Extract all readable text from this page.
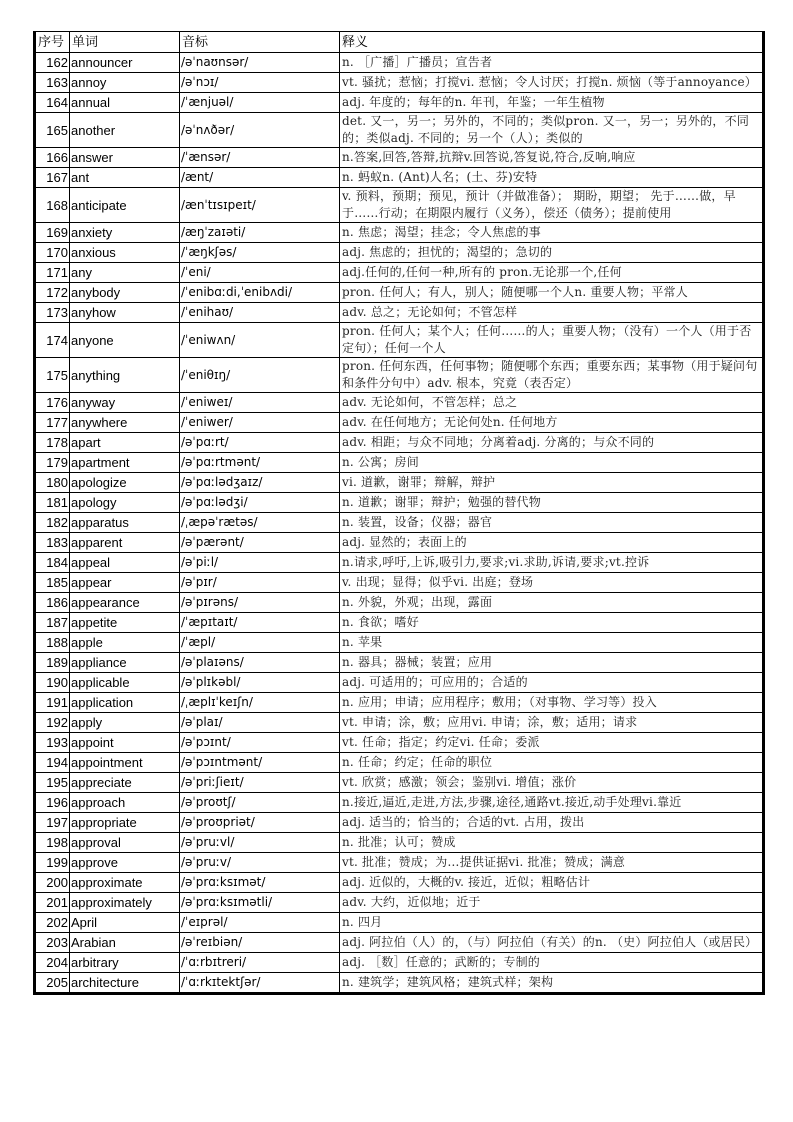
序号	单词	音标	释义
162	announcer	/əˈnaʊnsər/	n. ［广播］广播员；宣告者
163	annoy	/əˈnɔɪ/	vt. 骚扰；惹恼；打搅vi. 惹恼；令人讨厌；打搅n. 烦恼（等于annoyance）
164	annual	/ˈænjuəl/	adj. 年度的；每年的n. 年刊，年鉴；一年生植物
165	another	/əˈnʌðər/	det. 又一，另一；另外的，不同的；类似pron. 又一，另一；另外的，不同的；类似adj. 不同的；另一个（人）；类似的
166	answer	/ˈænsər/	n.答案,回答,答辩,抗辩v.回答说,答复说,符合,反响,响应
167	ant	/ænt/	n. 蚂蚁n. (Ant)人名；(土、芬)安特
168	anticipate	/ænˈtɪsɪpeɪt/	v. 预料，预期；预见，预计（并做准备）； 期盼，期望； 先于……做，早于……行动；在期限内履行（义务），偿还（债务）；提前使用
169	anxiety	/æŋˈzaɪəti/	n. 焦虑；渴望；挂念；令人焦虑的事
170	anxious	/ˈæŋkʃəs/	adj. 焦虑的；担忧的；渴望的；急切的
171	any	/ˈeni/	adj.任何的,任何一种,所有的 pron.无论那一个,任何
172	anybody	/ˈenibɑːdi,ˈenibʌdi/	pron. 任何人；有人，别人；随便哪一个人n. 重要人物；平常人
173	anyhow	/ˈenihaʊ/	adv. 总之；无论如何；不管怎样
174	anyone	/ˈeniwʌn/	pron. 任何人；某个人；任何……的人；重要人物；（没有）一个人（用于否定句）；任何一个人
175	anything	/ˈeniθɪŋ/	pron. 任何东西，任何事物；随便哪个东西；重要东西；某事物（用于疑问句和条件分句中）adv. 根本，究竟（表否定）
176	anyway	/ˈeniweɪ/	adv. 无论如何，不管怎样；总之
177	anywhere	/ˈeniwer/	adv. 在任何地方；无论何处n. 任何地方
178	apart	/əˈpɑːrt/	adv. 相距；与众不同地；分离着adj. 分离的；与众不同的
179	apartment	/əˈpɑːrtmənt/	n. 公寓；房间
180	apologize	/əˈpɑːlədʒaɪz/	vi. 道歉，谢罪；辩解，辩护
181	apology	/əˈpɑːlədʒi/	n. 道歉；谢罪；辩护；勉强的替代物
182	apparatus	/ˌæpəˈrætəs/	n. 装置，设备；仪器；器官
183	apparent	/əˈpærənt/	adj. 显然的；表面上的
184	appeal	/əˈpiːl/	n.请求,呼吁,上诉,吸引力,要求;vi.求助,诉请,要求;vt.控诉
185	appear	/əˈpɪr/	v. 出现；显得；似乎vi. 出庭；登场
186	appearance	/əˈpɪrəns/	n. 外貌，外观；出现，露面
187	appetite	/ˈæpɪtaɪt/	n. 食欲；嗜好
188	apple	/ˈæpl/	n. 苹果
189	appliance	/əˈplaɪəns/	n. 器具；器械；装置；应用
190	applicable	/əˈplɪkəbl/	adj. 可适用的；可应用的；合适的
191	application	/ˌæplɪˈkeɪʃn/	n. 应用；申请；应用程序；敷用；（对事物、学习等）投入
192	apply	/əˈplaɪ/	vt. 申请；涂，敷；应用vi. 申请；涂，敷；适用；请求
193	appoint	/əˈpɔɪnt/	vt. 任命；指定；约定vi. 任命；委派
194	appointment	/əˈpɔɪntmənt/	n. 任命；约定；任命的职位
195	appreciate	/əˈpriːʃieɪt/	vt. 欣赏；感激；领会；鉴别vi. 增值；涨价
196	approach	/əˈproʊtʃ/	n.接近,逼近,走进,方法,步骤,途径,通路vt.接近,动手处理vi.靠近
197	appropriate	/əˈproʊpriət/	adj. 适当的；恰当的；合适的vt. 占用，拨出
198	approval	/əˈpruːvl/	n. 批准；认可；赞成
199	approve	/əˈpruːv/	vt. 批准；赞成；为…提供证据vi. 批准；赞成；满意
200	approximate	/əˈprɑːksɪmət/	adj. 近似的，大概的v. 接近，近似；粗略估计
201	approximately	/əˈprɑːksɪmətli/	adv. 大约，近似地；近于
202	April	/ˈeɪprəl/	n. 四月
203	Arabian	/əˈreɪbiən/	adj. 阿拉伯（人）的，（与）阿拉伯（有关）的n. （史）阿拉伯人（或居民）
204	arbitrary	/ˈɑːrbɪtreri/	adj. ［数］任意的；武断的；专制的
205	architecture	/ˈɑːrkɪtektʃər/	n. 建筑学；建筑风格；建筑式样；架构
